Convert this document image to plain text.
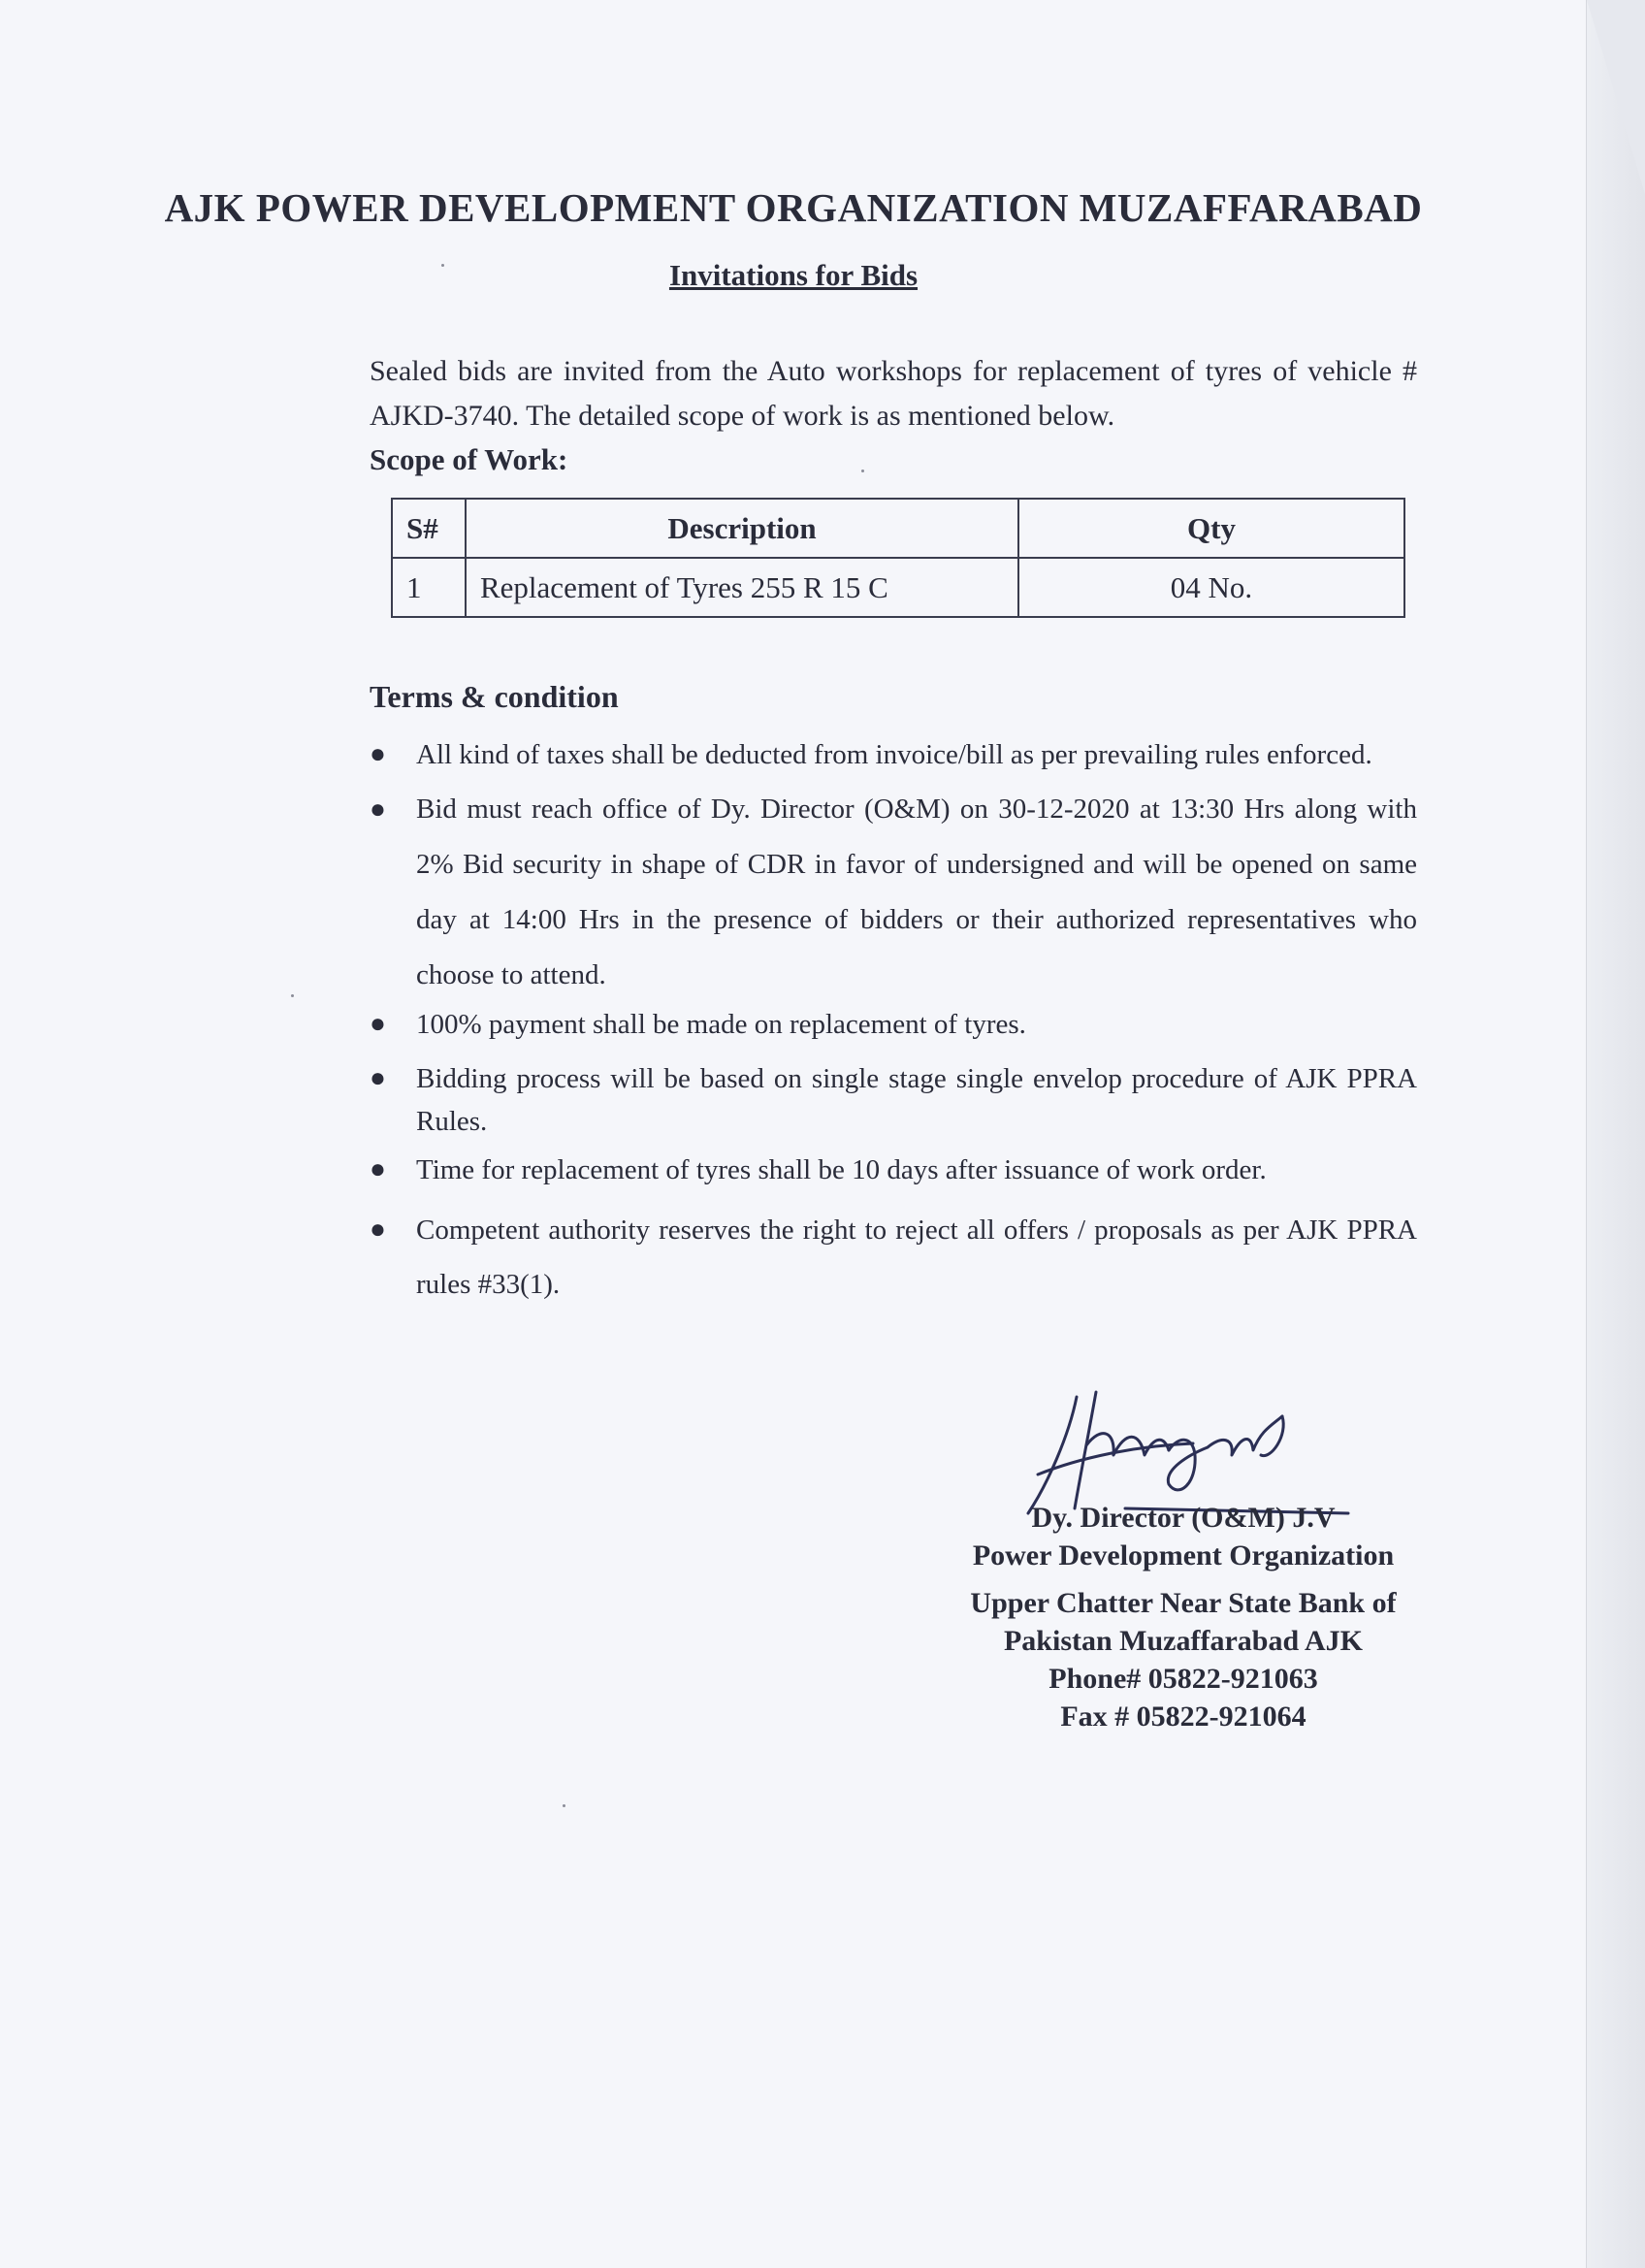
AJK POWER DEVELOPMENT ORGANIZATION MUZAFFARABAD
Invitations for Bids
Sealed bids are invited from the Auto workshops for replacement of tyres of vehicle # AJKD-3740. The detailed scope of work is as mentioned below.
Scope of Work:
S#	Description	Qty
1	Replacement of Tyres 255 R 15 C	04 No.
Terms & condition
● All kind of taxes shall be deducted from invoice/bill as per prevailing rules enforced.
● Bid must reach office of Dy. Director (O&M) on 30-12-2020 at 13:30 Hrs along with 2% Bid security in shape of CDR in favor of undersigned and will be opened on same day at 14:00 Hrs in the presence of bidders or their authorized representatives who choose to attend.
● 100% payment shall be made on replacement of tyres.
● Bidding process will be based on single stage single envelop procedure of AJK PPRA Rules.
● Time for replacement of tyres shall be 10 days after issuance of work order.
● Competent authority reserves the right to reject all offers / proposals as per AJK PPRA rules #33(1).
Dy. Director (O&M) J.V
Power Development Organization
Upper Chatter Near State Bank of
Pakistan Muzaffarabad AJK
Phone# 05822-921063
Fax # 05822-921064
